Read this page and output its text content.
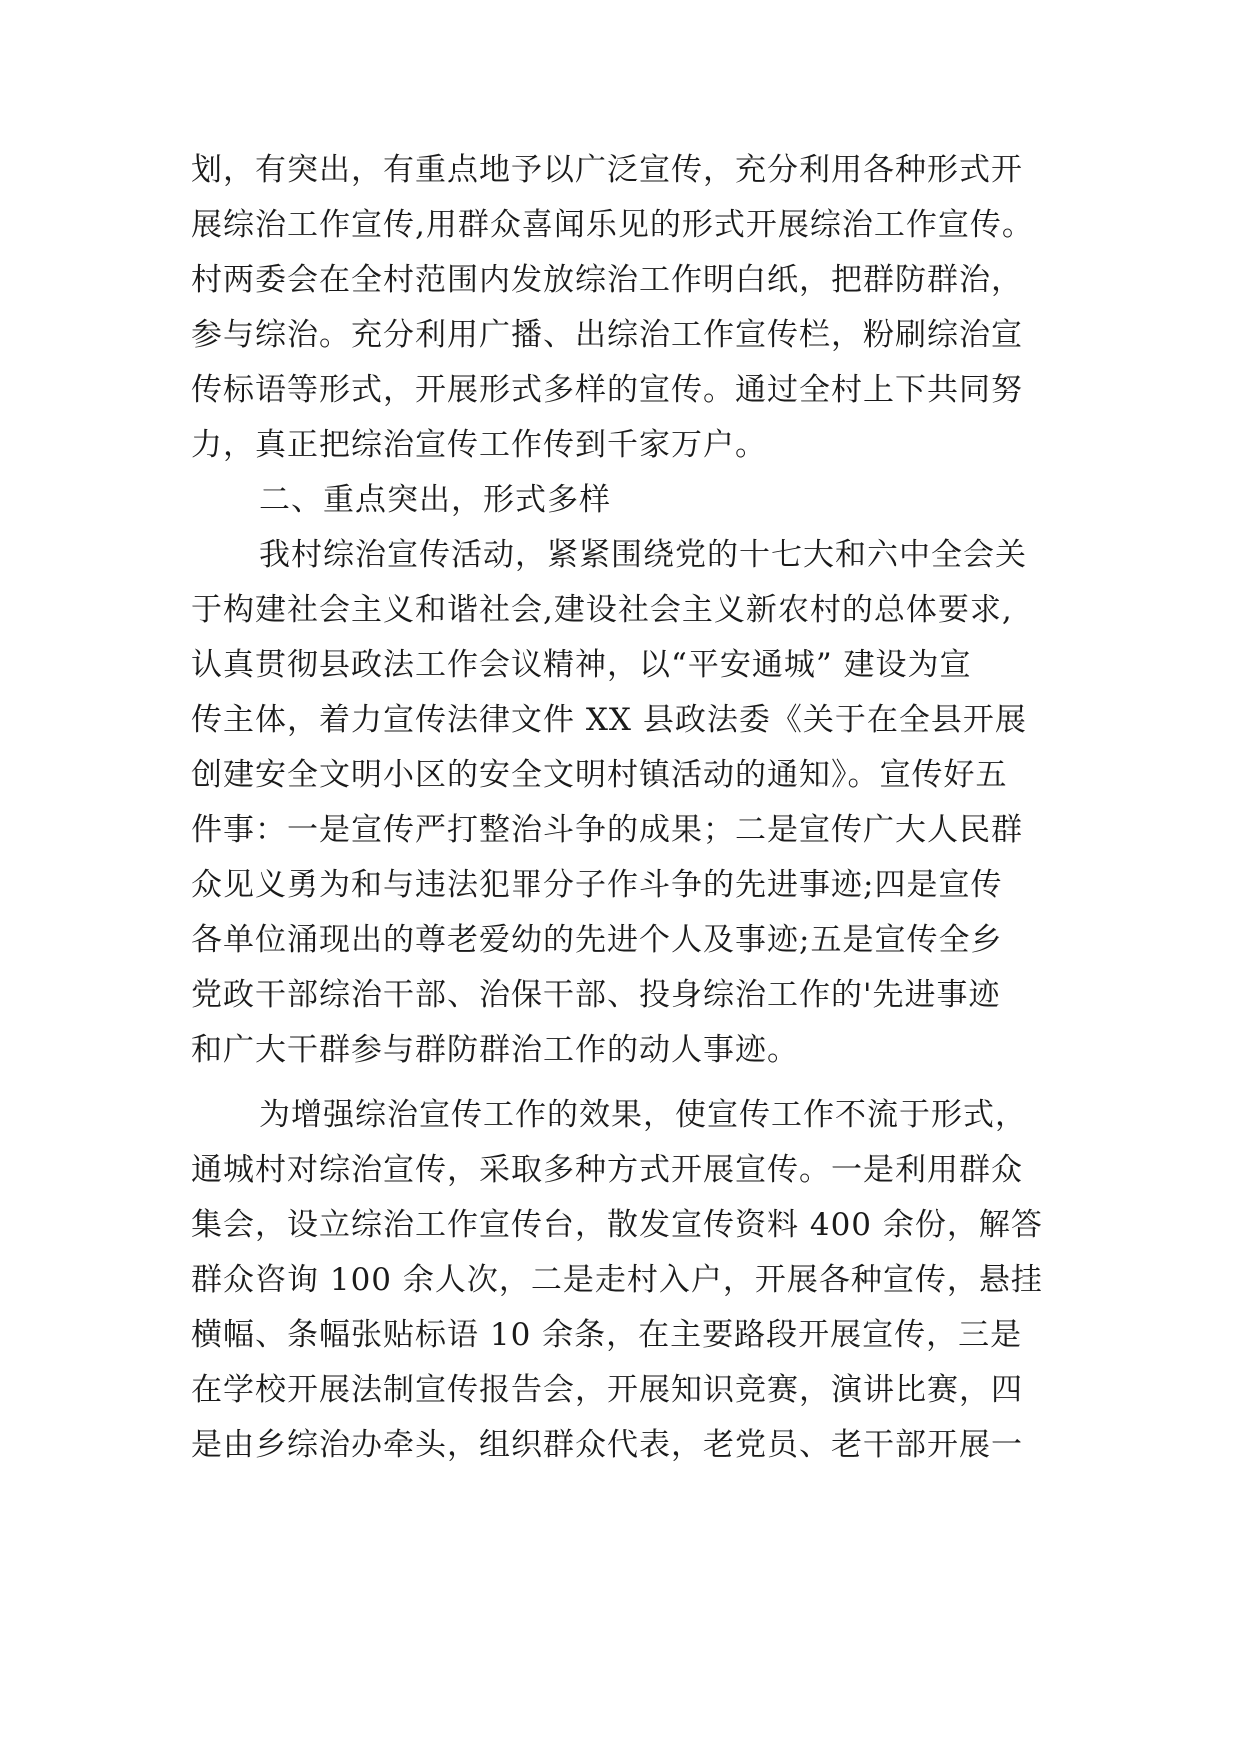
划，有突出，有重点地予以广泛宣传，充分利用各种形式开
展综治工作宣传,用群众喜闻乐见的形式开展综治工作宣传。
村两委会在全村范围内发放综治工作明白纸，把群防群治，
参与综治。充分利用广播、出综治工作宣传栏，粉刷综治宣
传标语等形式，开展形式多样的宣传。通过全村上下共同努
力，真正把综治宣传工作传到千家万户。
二、重点突出，形式多样
我村综治宣传活动，紧紧围绕党的十七大和六中全会关
于构建社会主义和谐社会,建设社会主义新农村的总体要求,
认真贯彻县政法工作会议精神，以“平安通城” 建设为宣
传主体，着力宣传法律文件 XX 县政法委《关于在全县开展
创建安全文明小区的安全文明村镇活动的通知》。宣传好五
件事：一是宣传严打整治斗争的成果；二是宣传广大人民群
众见义勇为和与违法犯罪分子作斗争的先进事迹;四是宣传
各单位涌现出的尊老爱幼的先进个人及事迹;五是宣传全乡
党政干部综治干部、治保干部、投身综治工作的'先进事迹
和广大干群参与群防群治工作的动人事迹。
为增强综治宣传工作的效果，使宣传工作不流于形式，
通城村对综治宣传，采取多种方式开展宣传。一是利用群众
集会，设立综治工作宣传台，散发宣传资料 400 余份，解答
群众咨询 100 余人次，二是走村入户，开展各种宣传，悬挂
横幅、条幅张贴标语 10 余条，在主要路段开展宣传，三是
在学校开展法制宣传报告会，开展知识竞赛，演讲比赛，四
是由乡综治办牵头，组织群众代表，老党员、老干部开展一
